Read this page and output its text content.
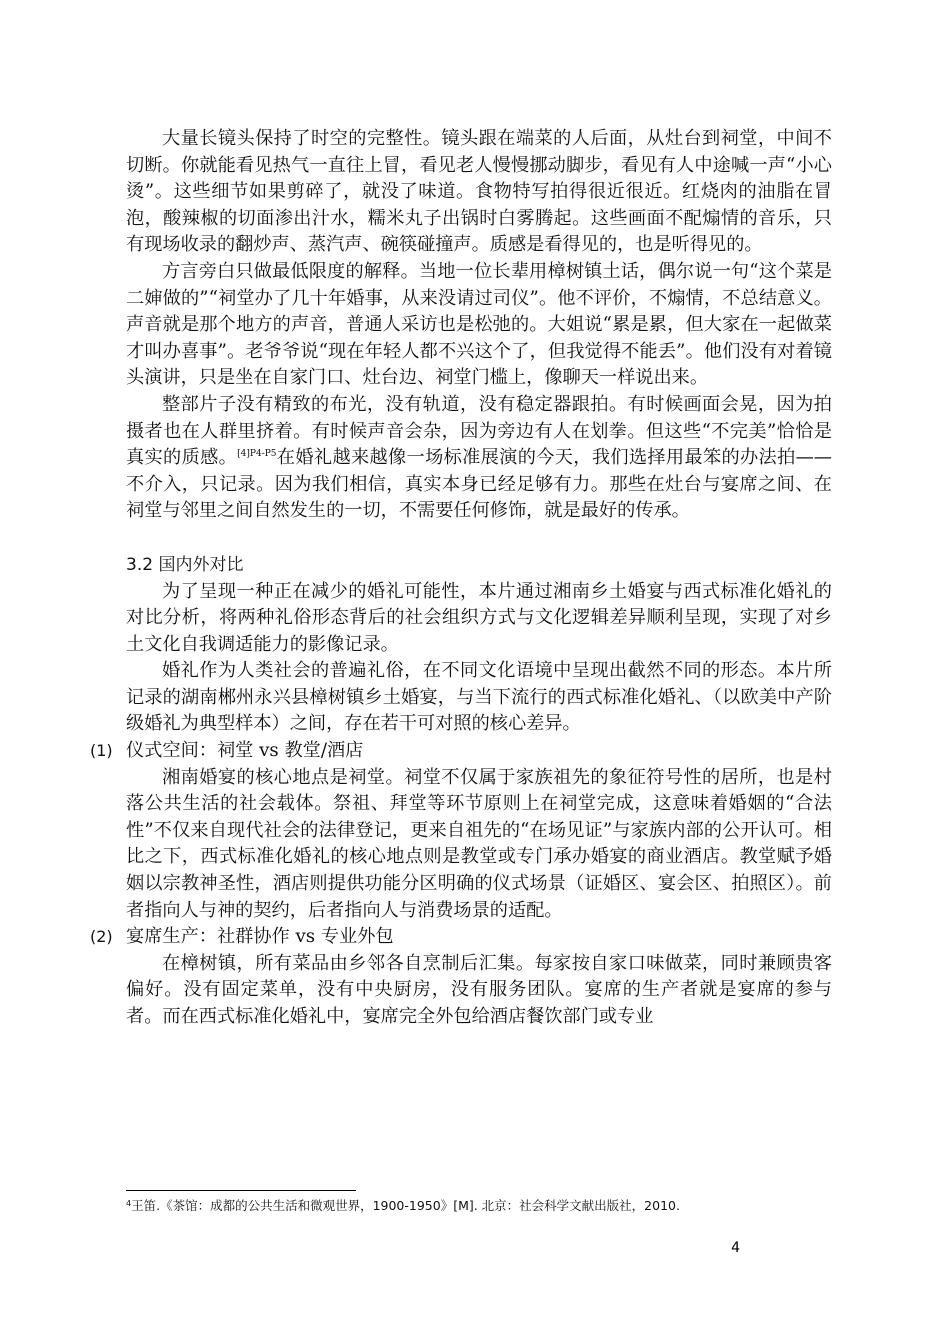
大量长镜头保持了时空的完整性。镜头跟在端菜的人后面，从灶台到祠堂，中间不切断。你就能看见热气一直往上冒，看见老人慢慢挪动脚步，看见有人中途喊一声“小心烫”。这些细节如果剪碎了，就没了味道。食物特写拍得很近很近。红烧肉的油脂在冒泡，酸辣椒的切面渗出汁水，糯米丸子出锅时白雾腾起。这些画面不配煽情的音乐，只有现场收录的翻炒声、蒸汽声、碗筷碰撞声。质感是看得见的，也是听得见的。

方言旁白只做最低限度的解释。当地一位长辈用樟树镇土话，偶尔说一句“这个菜是二婶做的”“祠堂办了几十年婚事，从来没请过司仪”。他不评价，不煽情，不总结意义。声音就是那个地方的声音，普通人采访也是松弛的。大姐说“累是累，但大家在一起做菜才叫办喜事”。老爷爷说“现在年轻人都不兴这个了，但我觉得不能丢”。他们没有对着镜头演讲，只是坐在自家门口、灶台边、祠堂门槛上，像聊天一样说出来。

整部片子没有精致的布光，没有轨道，没有稳定器跟拍。有时候画面会晃，因为拍摄者也在人群里挤着。有时候声音会杂，因为旁边有人在划拳。但这些“不完美”恰恰是真实的质感。$^{[4]P4-P5}$在婚礼越来越像一场标准展演的今天，我们选择用最笨的办法拍——不介入，只记录。因为我们相信，真实本身已经足够有力。那些在灶台与宴席之间、在祠堂与邻里之间自然发生的一切，不需要任何修饰，就是最好的传承。

3.2 国内外对比

为了呈现一种正在减少的婚礼可能性，本片通过湘南乡土婚宴与西式标准化婚礼的对比分析，将两种礼俗形态背后的社会组织方式与文化逻辑差异顺利呈现，实现了对乡土文化自我调适能力的影像记录。

婚礼作为人类社会的普遍礼俗，在不同文化语境中呈现出截然不同的形态。本片所记录的湖南郴州永兴县樟树镇乡土婚宴，与当下流行的西式标准化婚礼、（以欧美中产阶级婚礼为典型样本）之间，存在若干可对照的核心差异。

(1) 仪式空间：祠堂 vs 教堂/酒店

湘南婚宴的核心地点是祠堂。祠堂不仅属于家族祖先的象征符号性的居所，也是村落公共生活的社会载体。祭祖、拜堂等环节原则上在祠堂完成，这意味着婚姻的“合法性”不仅来自现代社会的法律登记，更来自祖先的“在场见证”与家族内部的公开认可。相比之下，西式标准化婚礼的核心地点则是教堂或专门承办婚宴的商业酒店。教堂赋予婚姻以宗教神圣性，酒店则提供功能分区明确的仪式场景（证婚区、宴会区、拍照区）。前者指向人与神的契约，后者指向人与消费场景的适配。

(2) 宴席生产：社群协作 vs 专业外包

在樟树镇，所有菜品由乡邻各自烹制后汇集。每家按自家口味做菜，同时兼顾贵客偏好。没有固定菜单，没有中央厨房，没有服务团队。宴席的生产者就是宴席的参与者。而在西式标准化婚礼中，宴席完全外包给酒店餐饮部门或专业

$^4$王笛.《茶馆：成都的公共生活和微观世界，1900-1950》[M]. 北京：社会科学文献出版社，2010.
4
